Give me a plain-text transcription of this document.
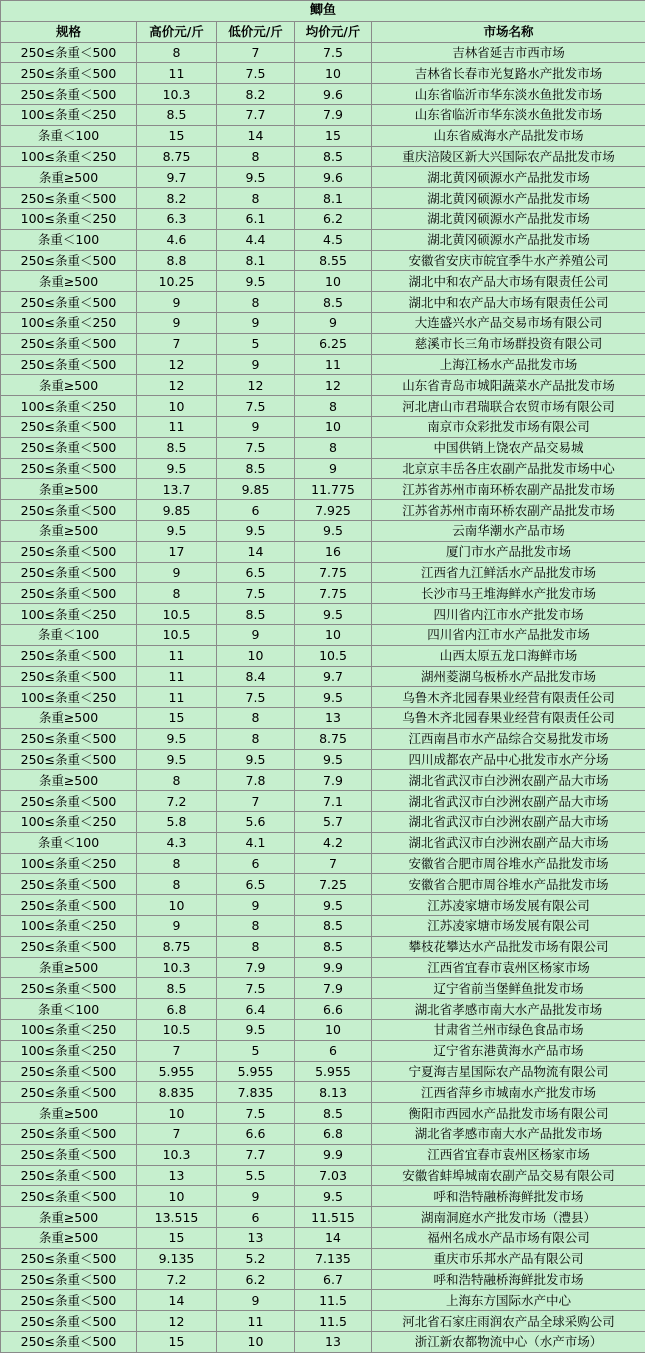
鲫鱼				
规格	高价元/斤	低价元/斤	均价元/斤	市场名称
250≤条重＜500	8	7	7.5	吉林省延吉市西市场
250≤条重＜500	11	7.5	10	吉林省长春市光复路水产批发市场
250≤条重＜500	10.3	8.2	9.6	山东省临沂市华东淡水鱼批发市场
100≤条重＜250	8.5	7.7	7.9	山东省临沂市华东淡水鱼批发市场
条重＜100	15	14	15	山东省威海水产品批发市场
100≤条重＜250	8.75	8	8.5	重庆涪陵区新大兴国际农产品批发市场
条重≥500	9.7	9.5	9.6	湖北黄冈硕源水产品批发市场
250≤条重＜500	8.2	8	8.1	湖北黄冈硕源水产品批发市场
100≤条重＜250	6.3	6.1	6.2	湖北黄冈硕源水产品批发市场
条重＜100	4.6	4.4	4.5	湖北黄冈硕源水产品批发市场
250≤条重＜500	8.8	8.1	8.55	安徽省安庆市皖宜季牛水产养殖公司
条重≥500	10.25	9.5	10	湖北中和农产品大市场有限责任公司
250≤条重＜500	9	8	8.5	湖北中和农产品大市场有限责任公司
100≤条重＜250	9	9	9	大连盛兴水产品交易市场有限公司
250≤条重＜500	7	5	6.25	慈溪市长三角市场群投资有限公司
250≤条重＜500	12	9	11	上海江杨水产品批发市场
条重≥500	12	12	12	山东省青岛市城阳蔬菜水产品批发市场
100≤条重＜250	10	7.5	8	河北唐山市君瑞联合农贸市场有限公司
250≤条重＜500	11	9	10	南京市众彩批发市场有限公司
250≤条重＜500	8.5	7.5	8	中国供销上饶农产品交易城
250≤条重＜500	9.5	8.5	9	北京京丰岳各庄农副产品批发市场中心
条重≥500	13.7	9.85	11.775	江苏省苏州市南环桥农副产品批发市场
250≤条重＜500	9.85	6	7.925	江苏省苏州市南环桥农副产品批发市场
条重≥500	9.5	9.5	9.5	云南华潮水产品市场
250≤条重＜500	17	14	16	厦门市水产品批发市场
250≤条重＜500	9	6.5	7.75	江西省九江鲜活水产品批发市场
250≤条重＜500	8	7.5	7.75	长沙市马王堆海鲜水产批发市场
100≤条重＜250	10.5	8.5	9.5	四川省内江市水产批发市场
条重＜100	10.5	9	10	四川省内江市水产品批发市场
250≤条重＜500	11	10	10.5	山西太原五龙口海鲜市场
250≤条重＜500	11	8.4	9.7	湖州菱湖乌板桥水产品批发市场
100≤条重＜250	11	7.5	9.5	乌鲁木齐北园春果业经营有限责任公司
条重≥500	15	8	13	乌鲁木齐北园春果业经营有限责任公司
250≤条重＜500	9.5	8	8.75	江西南昌市水产品综合交易批发市场
250≤条重＜500	9.5	9.5	9.5	四川成都农产品中心批发市水产分场
条重≥500	8	7.8	7.9	湖北省武汉市白沙洲农副产品大市场
250≤条重＜500	7.2	7	7.1	湖北省武汉市白沙洲农副产品大市场
100≤条重＜250	5.8	5.6	5.7	湖北省武汉市白沙洲农副产品大市场
条重＜100	4.3	4.1	4.2	湖北省武汉市白沙洲农副产品大市场
100≤条重＜250	8	6	7	安徽省合肥市周谷堆水产品批发市场
250≤条重＜500	8	6.5	7.25	安徽省合肥市周谷堆水产品批发市场
250≤条重＜500	10	9	9.5	江苏凌家塘市场发展有限公司
100≤条重＜250	9	8	8.5	江苏凌家塘市场发展有限公司
250≤条重＜500	8.75	8	8.5	攀枝花攀达水产品批发市场有限公司
条重≥500	10.3	7.9	9.9	江西省宜春市袁州区杨家市场
250≤条重＜500	8.5	7.5	7.9	辽宁省前当堡鲜鱼批发市场
条重＜100	6.8	6.4	6.6	湖北省孝感市南大水产品批发市场
100≤条重＜250	10.5	9.5	10	甘肃省兰州市绿色食品市场
100≤条重＜250	7	5	6	辽宁省东港黄海水产品市场
250≤条重＜500	5.955	5.955	5.955	宁夏海吉星国际农产品物流有限公司
250≤条重＜500	8.835	7.835	8.13	江西省萍乡市城南水产批发市场
条重≥500	10	7.5	8.5	衡阳市西园水产品批发市场有限公司
250≤条重＜500	7	6.6	6.8	湖北省孝感市南大水产品批发市场
250≤条重＜500	10.3	7.7	9.9	江西省宜春市袁州区杨家市场
250≤条重＜500	13	5.5	7.03	安徽省蚌埠城南农副产品交易有限公司
250≤条重＜500	10	9	9.5	呼和浩特融桥海鲜批发市场
条重≥500	13.515	6	11.515	湖南洞庭水产批发市场（澧县）
条重≥500	15	13	14	福州名成水产品市场有限公司
250≤条重＜500	9.135	5.2	7.135	重庆市乐邦水产品有限公司
250≤条重＜500	7.2	6.2	6.7	呼和浩特融桥海鲜批发市场
250≤条重＜500	14	9	11.5	上海东方国际水产中心
250≤条重＜500	12	11	11.5	河北省石家庄雨润农产品全球采购公司
250≤条重＜500	15	10	13	浙江新农都物流中心（水产市场）
